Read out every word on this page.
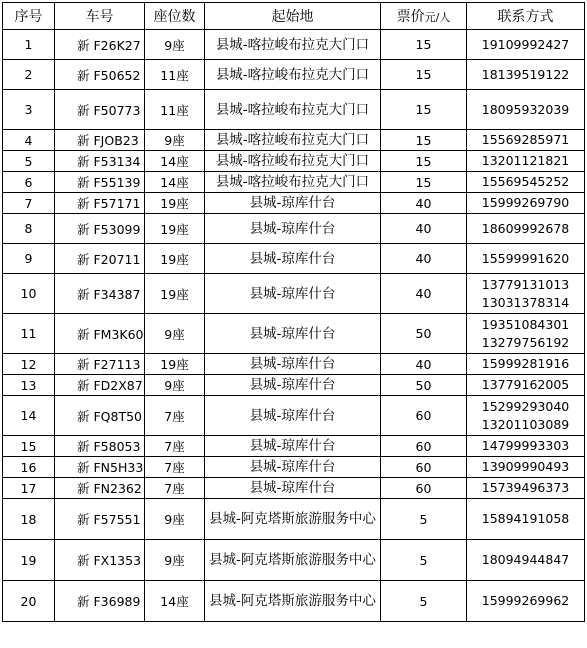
序号	车号	座位数	起始地	票价元/人	联系方式
1	新 F26K27	9座	县城-喀拉峻布拉克大门口	15	19109992427

2	新 F50652	11座	县城-喀拉峻布拉克大门口	15	18139519122

3	新 F50773	11座	县城-喀拉峻布拉克大门口	15	18095932039

4	新 FJOB23	9座	县城-喀拉峻布拉克大门口	15	15569285971

5	新 F53134	14座	县城-喀拉峻布拉克大门口	15	13201121821

6	新 F55139	14座	县城-喀拉峻布拉克大门口	15	15569545252

7	新 F57171	19座	县城-琼库什台	40	15999269790

8	新 F53099	19座	县城-琼库什台	40	18609992678

9	新 F20711	19座	县城-琼库什台	40	15599991620

10	新 F34387	19座	县城-琼库什台	40	13779131013
13031378314

11	新 FM3K60	9座	县城-琼库什台	50	19351084301
13279756192

12	新 F27113	19座	县城-琼库什台	40	15999281916

13	新 FD2X87	9座	县城-琼库什台	50	13779162005

14	新 FQ8T50	7座	县城-琼库什台	60	15299293040
13201103089

15	新 F58053	7座	县城-琼库什台	60	14799993303

16	新 FN5H33	7座	县城-琼库什台	60	13909990493

17	新 FN2362	7座	县城-琼库什台	60	15739496373

18	新 F57551	9座	县城-阿克塔斯旅游服务中心	5	15894191058

19	新 FX1353	9座	县城-阿克塔斯旅游服务中心	5	18094944847

20	新 F36989	14座	县城-阿克塔斯旅游服务中心	5	15999269962
